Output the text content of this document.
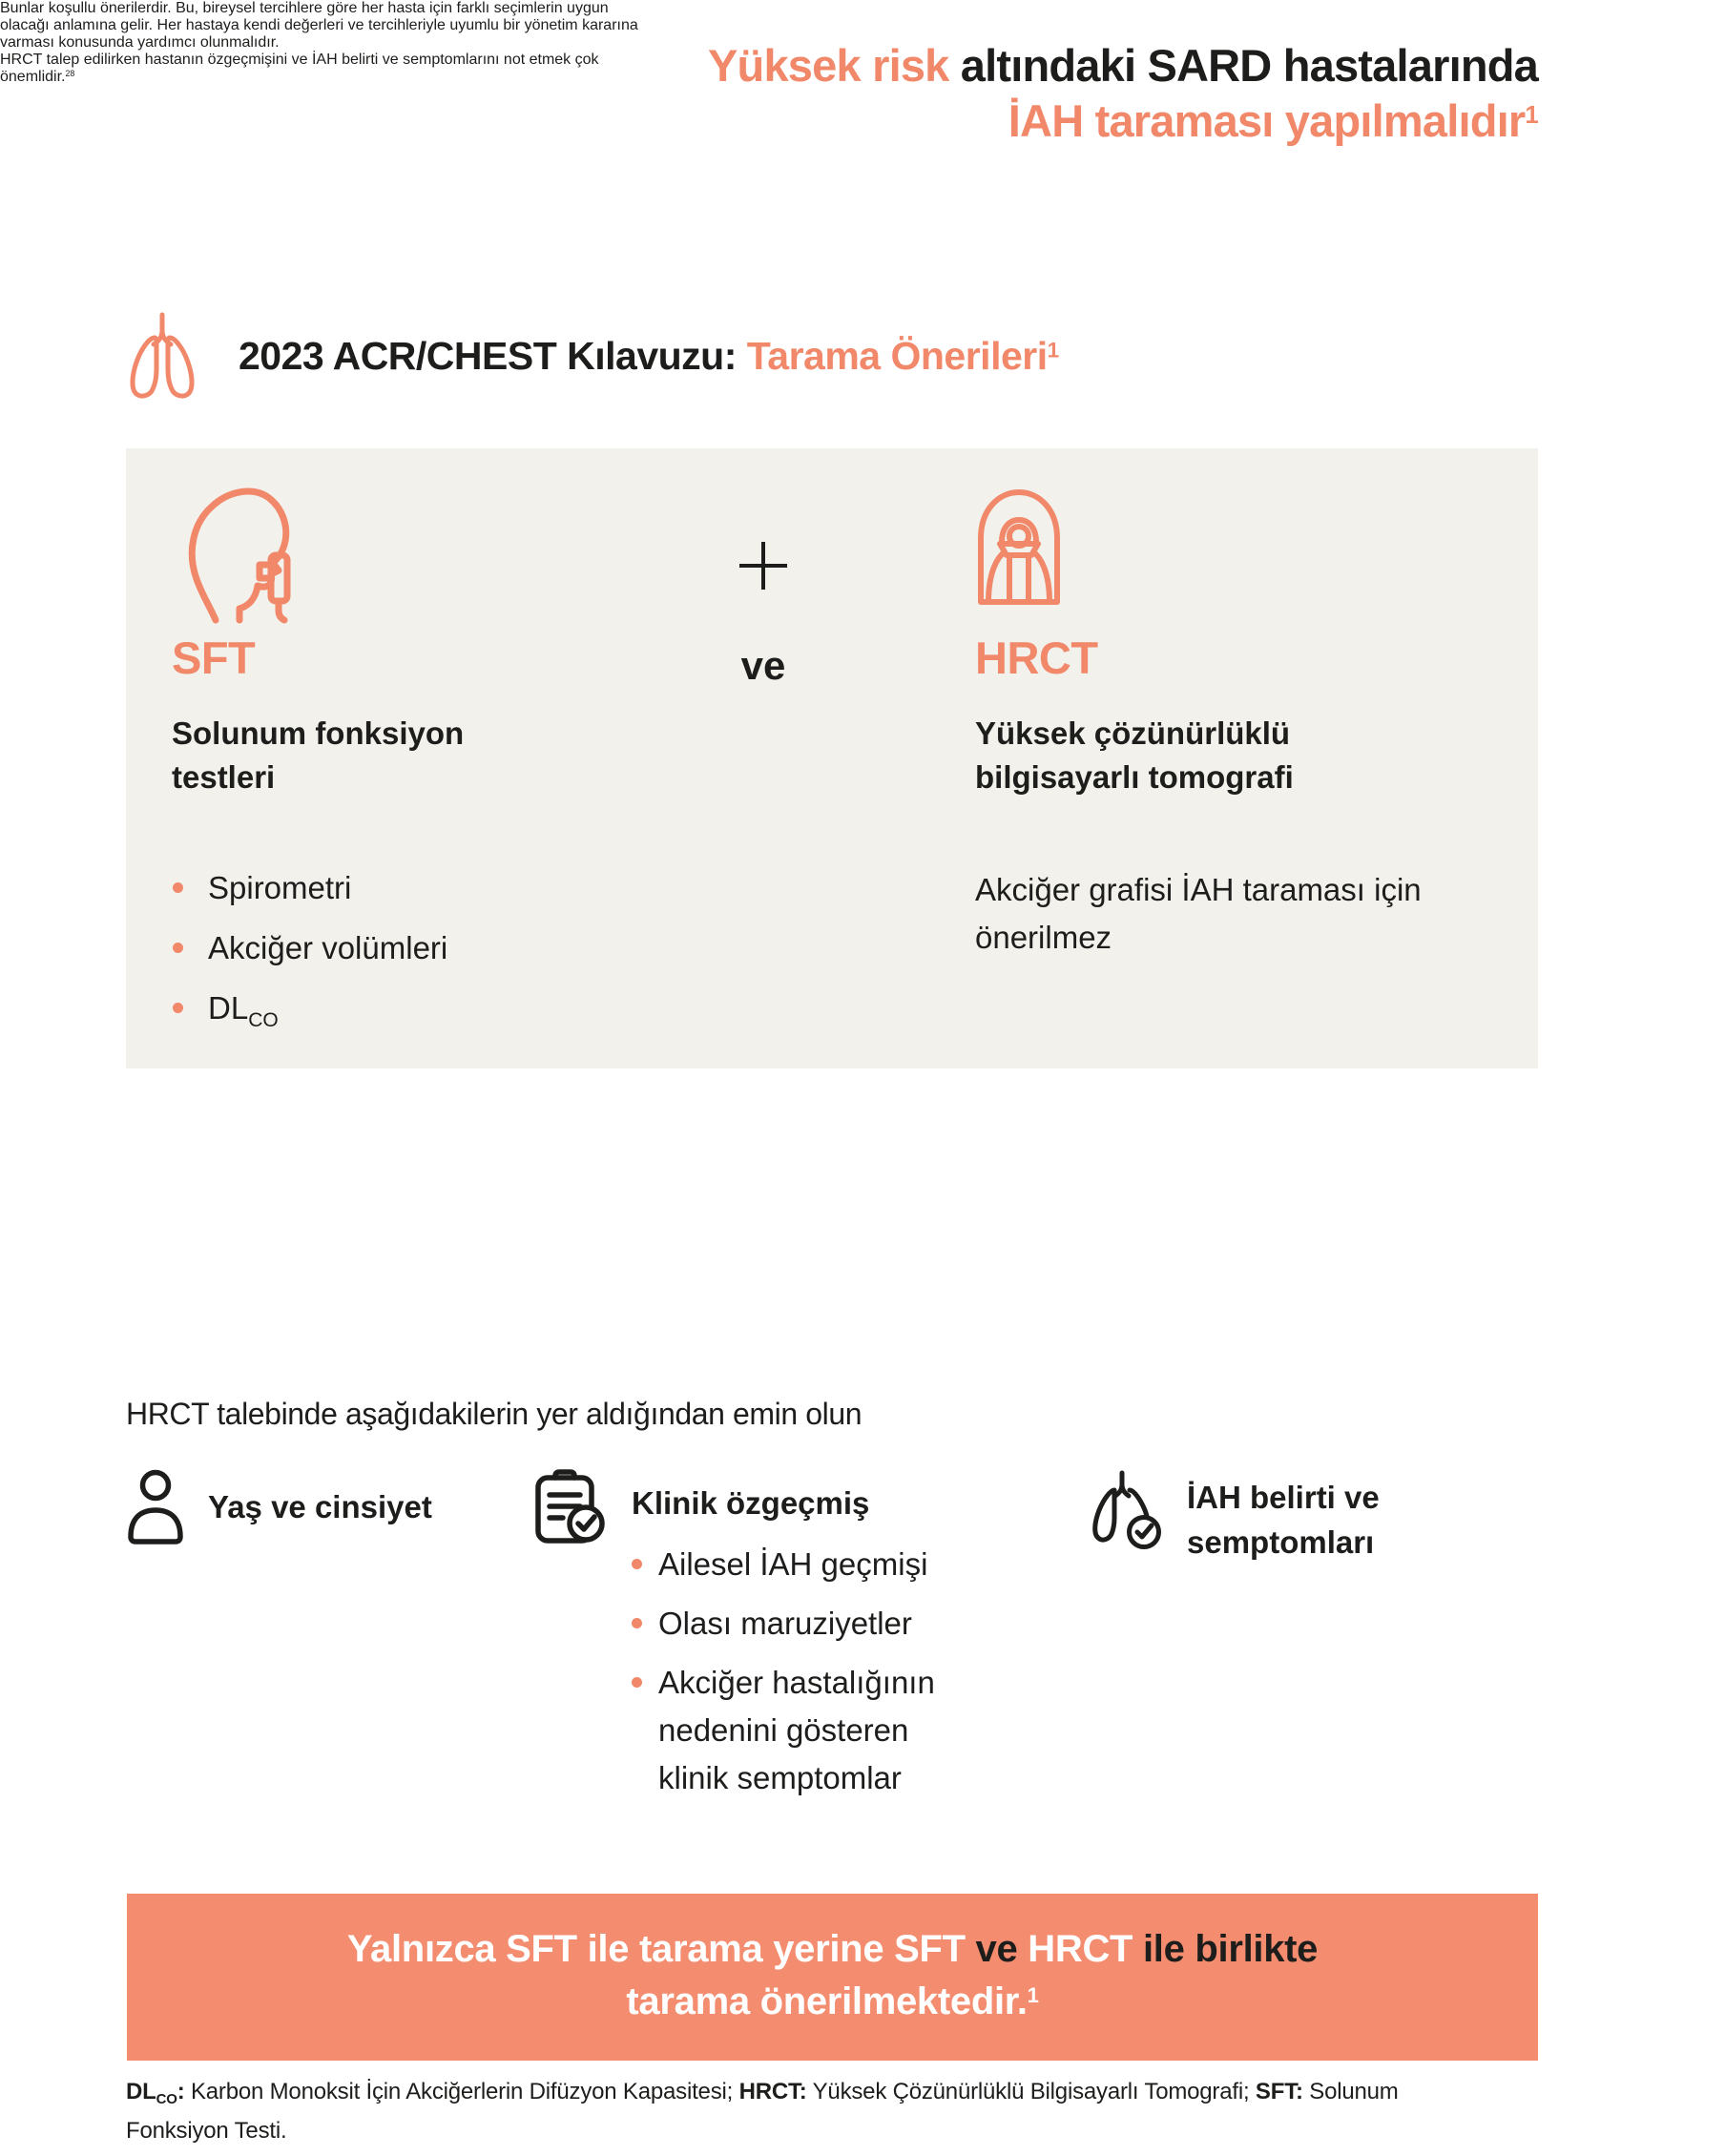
Yüksek risk altındaki SARD hastalarında
İAH taraması yapılmalıdır$^1$
2023 ACR/CHEST Kılavuzu: Tarama Önerileri$^1$
SFT
Solunum fonksiyon
testleri
Spirometri
Akciğer volümleri
$DL_{CO}$
ve	HRCT
Yüksek çözünürlüklü
bilgisayarlı tomografi
Akciğer grafisi İAH taraması için
önerilmez

Bunlar koşullu önerilerdir. Bu, bireysel tercihlere göre her hasta için farklı seçimlerin uygun
olacağı anlamına gelir. Her hastaya kendi değerleri ve tercihleriyle uyumlu bir yönetim kararına
varması konusunda yardımcı olunmalıdır.

HRCT talep edilirken hastanın özgeçmişini ve İAH belirti ve semptomlarını not etmek çok
önemlidir.$^{28}$

HRCT talebinde aşağıdakilerin yer aldığından emin olun

Yaş ve cinsiyet	Klinik özgeçmiş
Ailesel İAH geçmişi
Olası maruziyetler
Akciğer hastalığının
nedenini gösteren
klinik semptomlar
İAH belirti ve
semptomları
Yalnızca SFT ile tarama yerine SFT ve HRCT ile birlikte
tarama önerilmektedir.$^1$
$DL_{CO}$: Karbon Monoksit İçin Akciğerlerin Difüzyon Kapasitesi; HRCT: Yüksek Çözünürlüklü Bilgisayarlı Tomografi; SFT: Solunum
Fonksiyon Testi.
